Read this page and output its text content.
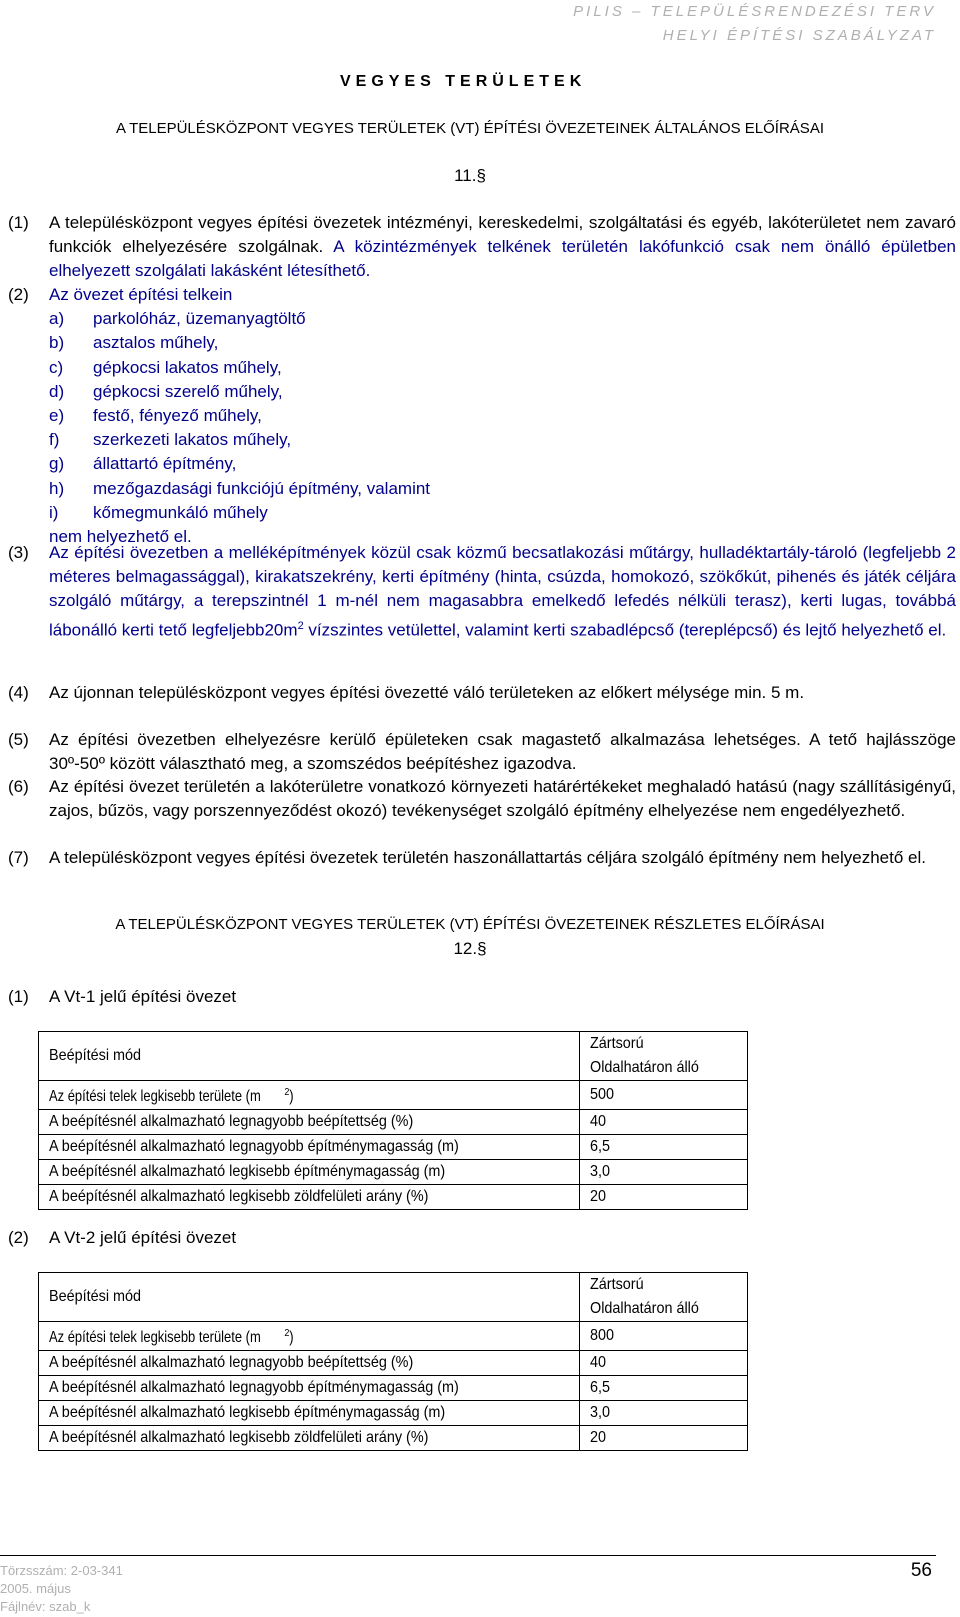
PILIS – TELEPÜLÉSRENDEZÉSI TERV
HELYI ÉPÍTÉSI SZABÁLYZAT
VEGYES TERÜLETEK
A TELEPÜLÉSKÖZPONT VEGYES TERÜLETEK (VT) ÉPÍTÉSI ÖVEZETEINEK ÁLTALÁNOS ELŐÍRÁSAI
11.§
(1) A településközpont vegyes építési övezetek intézményi, kereskedelmi, szolgáltatási és egyéb, lakóterületet nem zavaró funkciók elhelyezésére szolgálnak. A közintézmények telkének területén lakófunkció csak nem önálló épületben elhelyezett szolgálati lakásként létesíthető.
(2) Az övezet építési telkein
a) parkolóház, üzemanyagtöltő
b) asztalos műhely,
c) gépkocsi lakatos műhely,
d) gépkocsi szerelő műhely,
e) festő, fényező műhely,
f) szerkezeti lakatos műhely,
g) állattartó építmény,
h) mezőgazdasági funkciójú építmény, valamint
i) kőmegmunkáló műhely
nem helyezhető el.
(3) Az építési övezetben a melléképítmények közül csak közmű becsatlakozási műtárgy, hulladéktartály-tároló (legfeljebb 2 méteres belmagassággal), kirakatszekrény, kerti építmény (hinta, csúzda, homokozó, szökőkút, pihenés és játék céljára szolgáló műtárgy, a terepszintnél 1 m-nél nem magasabbra emelkedő lefedés nélküli terasz), kerti lugas, továbbá lábonálló kerti tető $legfeljebb20m^2$ vízszintes vetülettel, valamint kerti szabadlépcső (tereplépcső) és lejtő helyezhető el.
(4) Az újonnan településközpont vegyes építési övezetté váló területeken az előkert mélysége min. 5 m.
(5) Az építési övezetben elhelyezésre kerülő épületeken csak magastető alkalmazása lehetséges. A tető hajlásszöge 30º-50º között választható meg, a szomszédos beépítéshez igazodva.
(6) Az építési övezet területén a lakóterületre vonatkozó környezeti határértékeket meghaladó hatású (nagy szállításigényű, zajos, bűzös, vagy porszennyeződést okozó) tevékenységet szolgáló építmény elhelyezése nem engedélyezhető.
(7) A településközpont vegyes építési övezetek területén haszonállattartás céljára szolgáló építmény nem helyezhető el.
A TELEPÜLÉSKÖZPONT VEGYES TERÜLETEK (VT) ÉPÍTÉSI ÖVEZETEINEK RÉSZLETES ELŐÍRÁSAI
12.§
(1) A Vt-1 jelű építési övezet
Beépítési mód	Zártsorú
Oldalhatáron álló
Az építési telek legkisebb területe (m $^2$)	500
A beépítésnél alkalmazható legnagyobb beépítettség (%)	40
A beépítésnél alkalmazható legnagyobb építménymagasság (m)	6,5
A beépítésnél alkalmazható legkisebb építménymagasság (m)	3,0
A beépítésnél alkalmazható legkisebb zöldfelületi arány (%)	20
(2) A Vt-2 jelű építési övezet
Beépítési mód	Zártsorú
Oldalhatáron álló
Az építési telek legkisebb területe (m $^2$)	800
A beépítésnél alkalmazható legnagyobb beépítettség (%)	40
A beépítésnél alkalmazható legnagyobb építménymagasság (m)	6,5
A beépítésnél alkalmazható legkisebb építménymagasság (m)	3,0
A beépítésnél alkalmazható legkisebb zöldfelületi arány (%)	20
Törzsszám: 2-03-341
2005. május
Fájlnév: szab_k
56
